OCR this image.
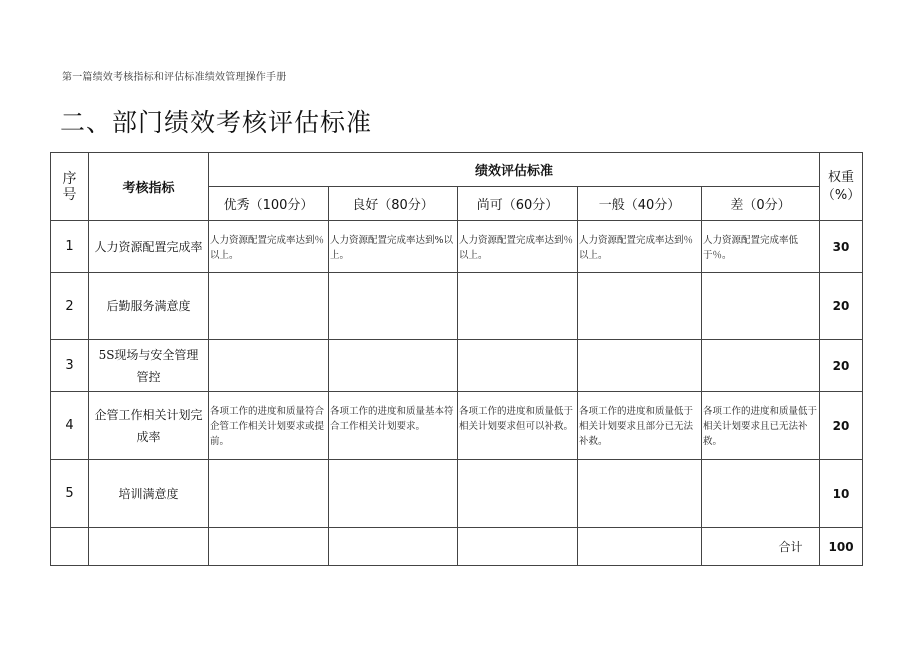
第一篇绩效考核指标和评估标准绩效管理操作手册
二、部门绩效考核评估标准
序号	考核指标	绩效评估标准					权重（%）
		优秀（100分）	良好（80分）	尚可（60分）	一般（40分）	差（0分）	
1	人力资源配置完成率	人力资源配置完成率达到％以上。	人力资源配置完成率达到%以上。	人力资源配置完成率达到％以上。	人力资源配置完成率达到％以上。	人力资源配置完成率低于％。	30
2	后勤服务满意度						20
3	5S现场与安全管理管控						20
4	企管工作相关计划完成率	各项工作的进度和质量符合企管工作相关计划要求或提前。	各项工作的进度和质量基本符合工作相关计划要求。	各项工作的进度和质量低于相关计划要求但可以补救。	各项工作的进度和质量低于相关计划要求且部分已无法补救。	各项工作的进度和质量低于相关计划要求且已无法补救。	20
5	培训满意度						10
						合计	100
